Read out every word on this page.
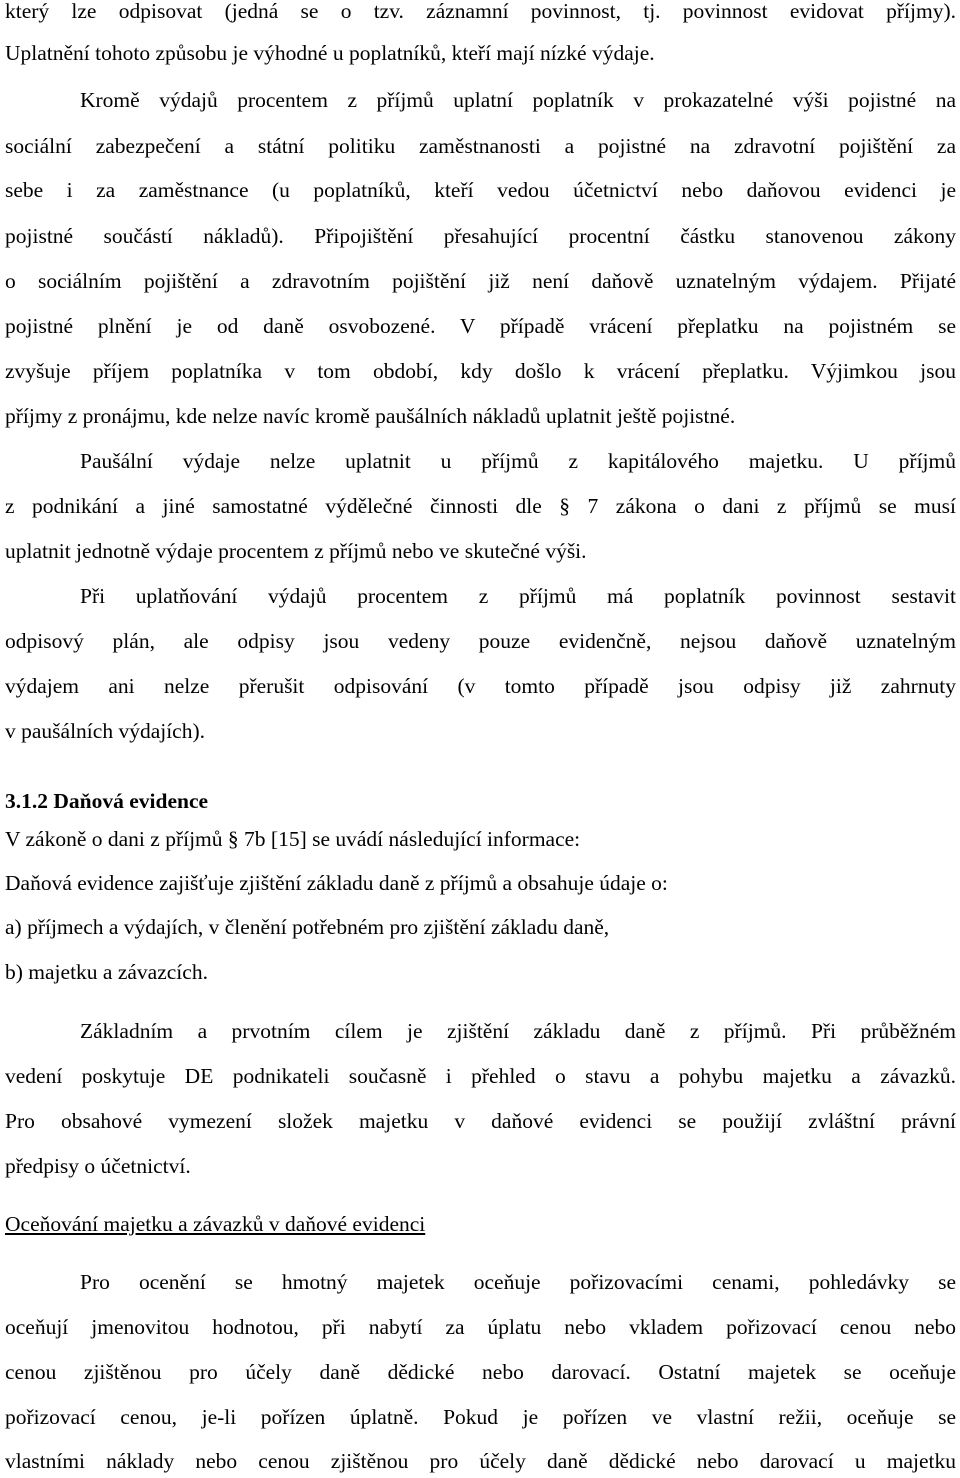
který lze odpisovat (jedná se o tzv. záznamní povinnost, tj. povinnost evidovat příjmy).
Uplatnění tohoto způsobu je výhodné u poplatníků, kteří mají nízké výdaje.
Kromě výdajů procentem z příjmů uplatní poplatník v prokazatelné výši pojistné na
sociální zabezpečení a státní politiku zaměstnanosti a pojistné na zdravotní pojištění za
sebe i za zaměstnance (u poplatníků, kteří vedou účetnictví nebo daňovou evidenci je
pojistné součástí nákladů). Připojištění přesahující procentní částku stanovenou zákony
o sociálním pojištění a zdravotním pojištění již není daňově uznatelným výdajem. Přijaté
pojistné plnění je od daně osvobozené. V případě vrácení přeplatku na pojistném se
zvyšuje příjem poplatníka v tom období, kdy došlo k vrácení přeplatku. Výjimkou jsou
příjmy z pronájmu, kde nelze navíc kromě paušálních nákladů uplatnit ještě pojistné.
Paušální výdaje nelze uplatnit u příjmů z kapitálového majetku. U příjmů
z podnikání a jiné samostatné výdělečné činnosti dle § 7 zákona o dani z příjmů se musí
uplatnit jednotně výdaje procentem z příjmů nebo ve skutečné výši.
Při uplatňování výdajů procentem z příjmů má poplatník povinnost sestavit
odpisový plán, ale odpisy jsou vedeny pouze evidenčně, nejsou daňově uznatelným
výdajem ani nelze přerušit odpisování (v tomto případě jsou odpisy již zahrnuty
v paušálních výdajích).
3.1.2 Daňová evidence
V zákoně o dani z příjmů § 7b [15] se uvádí následující informace:
Daňová evidence zajišťuje zjištění základu daně z příjmů a obsahuje údaje o:
a) příjmech a výdajích, v členění potřebném pro zjištění základu daně,
b) majetku a závazcích.
Základním a prvotním cílem je zjištění základu daně z příjmů. Při průběžném
vedení poskytuje DE podnikateli současně i přehled o stavu a pohybu majetku a závazků.
Pro obsahové vymezení složek majetku v daňové evidenci se použijí zvláštní právní
předpisy o účetnictví.
Oceňování majetku a závazků v daňové evidenci
Pro ocenění se hmotný majetek oceňuje pořizovacími cenami, pohledávky se
oceňují jmenovitou hodnotou, při nabytí za úplatu nebo vkladem pořizovací cenou nebo
cenou zjištěnou pro účely daně dědické nebo darovací. Ostatní majetek se oceňuje
pořizovací cenou, je-li pořízen úplatně. Pokud je pořízen ve vlastní režii, oceňuje se
vlastními náklady nebo cenou zjištěnou pro účely daně dědické nebo darovací u majetku
